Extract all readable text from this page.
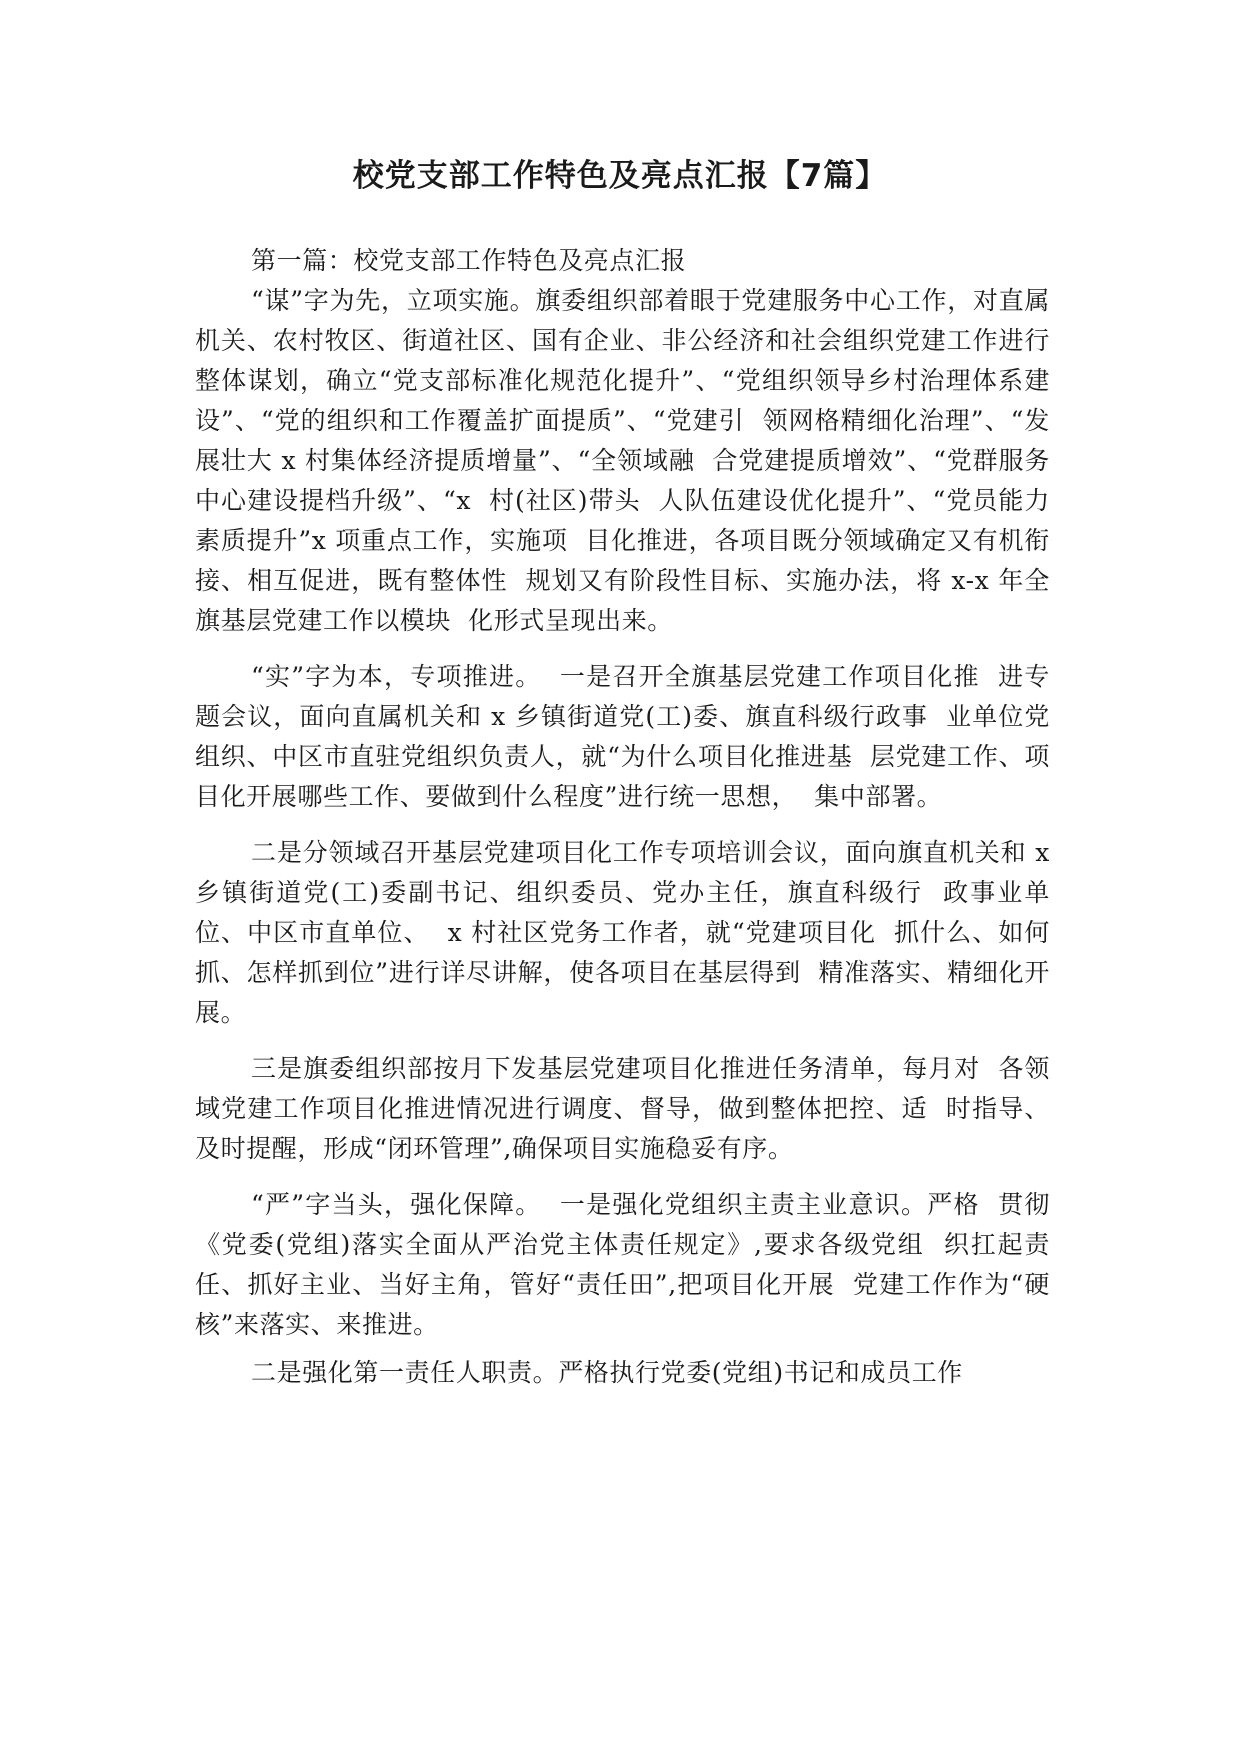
校党支部工作特色及亮点汇报【7篇】

第一篇：校党支部工作特色及亮点汇报

“谋”字为先，立项实施。旗委组织部着眼于党建服务中心工作，对直属机关、农村牧区、街道社区、国有企业、非公经济和社会组织党建工作进行整体谋划，确立“党支部标准化规范化提升”、“党组织领导乡村治理体系建设”、“党的组织和工作覆盖扩面提质”、“党建引  领网格精细化治理”、“发展壮大 x 村集体经济提质增量”、“全领域融  合党建提质增效”、“党群服务中心建设提档升级”、“x  村(社区)带头  人队伍建设优化提升”、“党员能力素质提升”x 项重点工作，实施项  目化推进，各项目既分领域确定又有机衔接、相互促进，既有整体性  规划又有阶段性目标、实施办法，将 x-x 年全旗基层党建工作以模块  化形式呈现出来。

“实”字为本，专项推进。  一是召开全旗基层党建工作项目化推  进专题会议，面向直属机关和 x 乡镇街道党(工)委、旗直科级行政事  业单位党组织、中区市直驻党组织负责人，就“为什么项目化推进基  层党建工作、项目化开展哪些工作、要做到什么程度”进行统一思想，  集中部署。

二是分领域召开基层党建项目化工作专项培训会议，面向旗直机关和 x  乡镇街道党(工)委副书记、组织委员、党办主任，旗直科级行  政事业单位、中区市直单位、  x 村社区党务工作者，就“党建项目化  抓什么、如何抓、怎样抓到位”进行详尽讲解，使各项目在基层得到  精准落实、精细化开展。

三是旗委组织部按月下发基层党建项目化推进任务清单，每月对  各领域党建工作项目化推进情况进行调度、督导，做到整体把控、适  时指导、及时提醒，形成“闭环管理”,确保项目实施稳妥有序。

“严”字当头，强化保障。  一是强化党组织主责主业意识。严格  贯彻《党委(党组)落实全面从严治党主体责任规定》,要求各级党组  织扛起责任、抓好主业、当好主角，管好“责任田”,把项目化开展  党建工作作为“硬核”来落实、来推进。

二是强化第一责任人职责。严格执行党委(党组)书记和成员工作
